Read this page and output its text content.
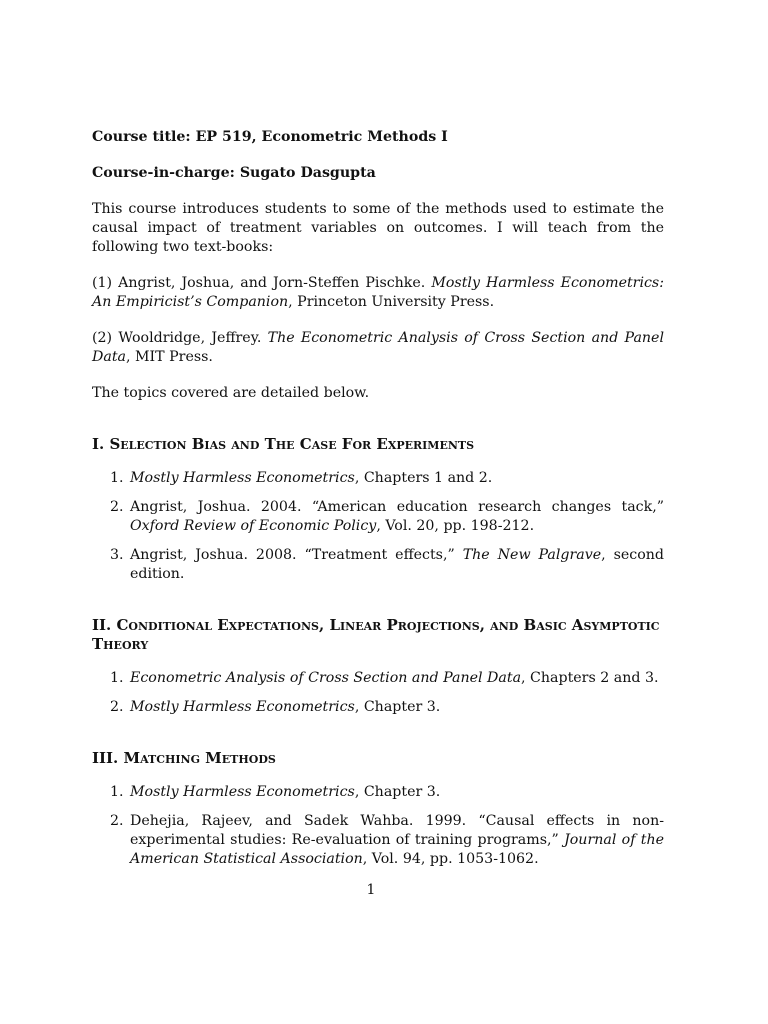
Course title: EP 519, Econometric Methods I

Course-in-charge: Sugato Dasgupta

This course introduces students to some of the methods used to estimate the causal impact of treatment variables on outcomes. I will teach from the following two text-books:

(1) Angrist, Joshua, and Jorn-Steffen Pischke. Mostly Harmless Econometrics: An Empiricist’s Companion, Princeton University Press.

(2) Wooldridge, Jeffrey. The Econometric Analysis of Cross Section and Panel Data, MIT Press.

The topics covered are detailed below.

I. Selection Bias and The Case For Experiments

1. Mostly Harmless Econometrics, Chapters 1 and 2.

2. Angrist, Joshua. 2004. “American education research changes tack,” Oxford Review of Economic Policy, Vol. 20, pp. 198-212.

3. Angrist, Joshua. 2008. “Treatment effects,” The New Palgrave, second edition.

II. Conditional Expectations, Linear Projections, and Basic Asymptotic Theory

1. Econometric Analysis of Cross Section and Panel Data, Chapters 2 and 3.

2. Mostly Harmless Econometrics, Chapter 3.

III. Matching Methods

1. Mostly Harmless Econometrics, Chapter 3.

2. Dehejia, Rajeev, and Sadek Wahba. 1999. “Causal effects in non-experimental studies: Re-evaluation of training programs,” Journal of the American Statistical Association, Vol. 94, pp. 1053-1062.

1
